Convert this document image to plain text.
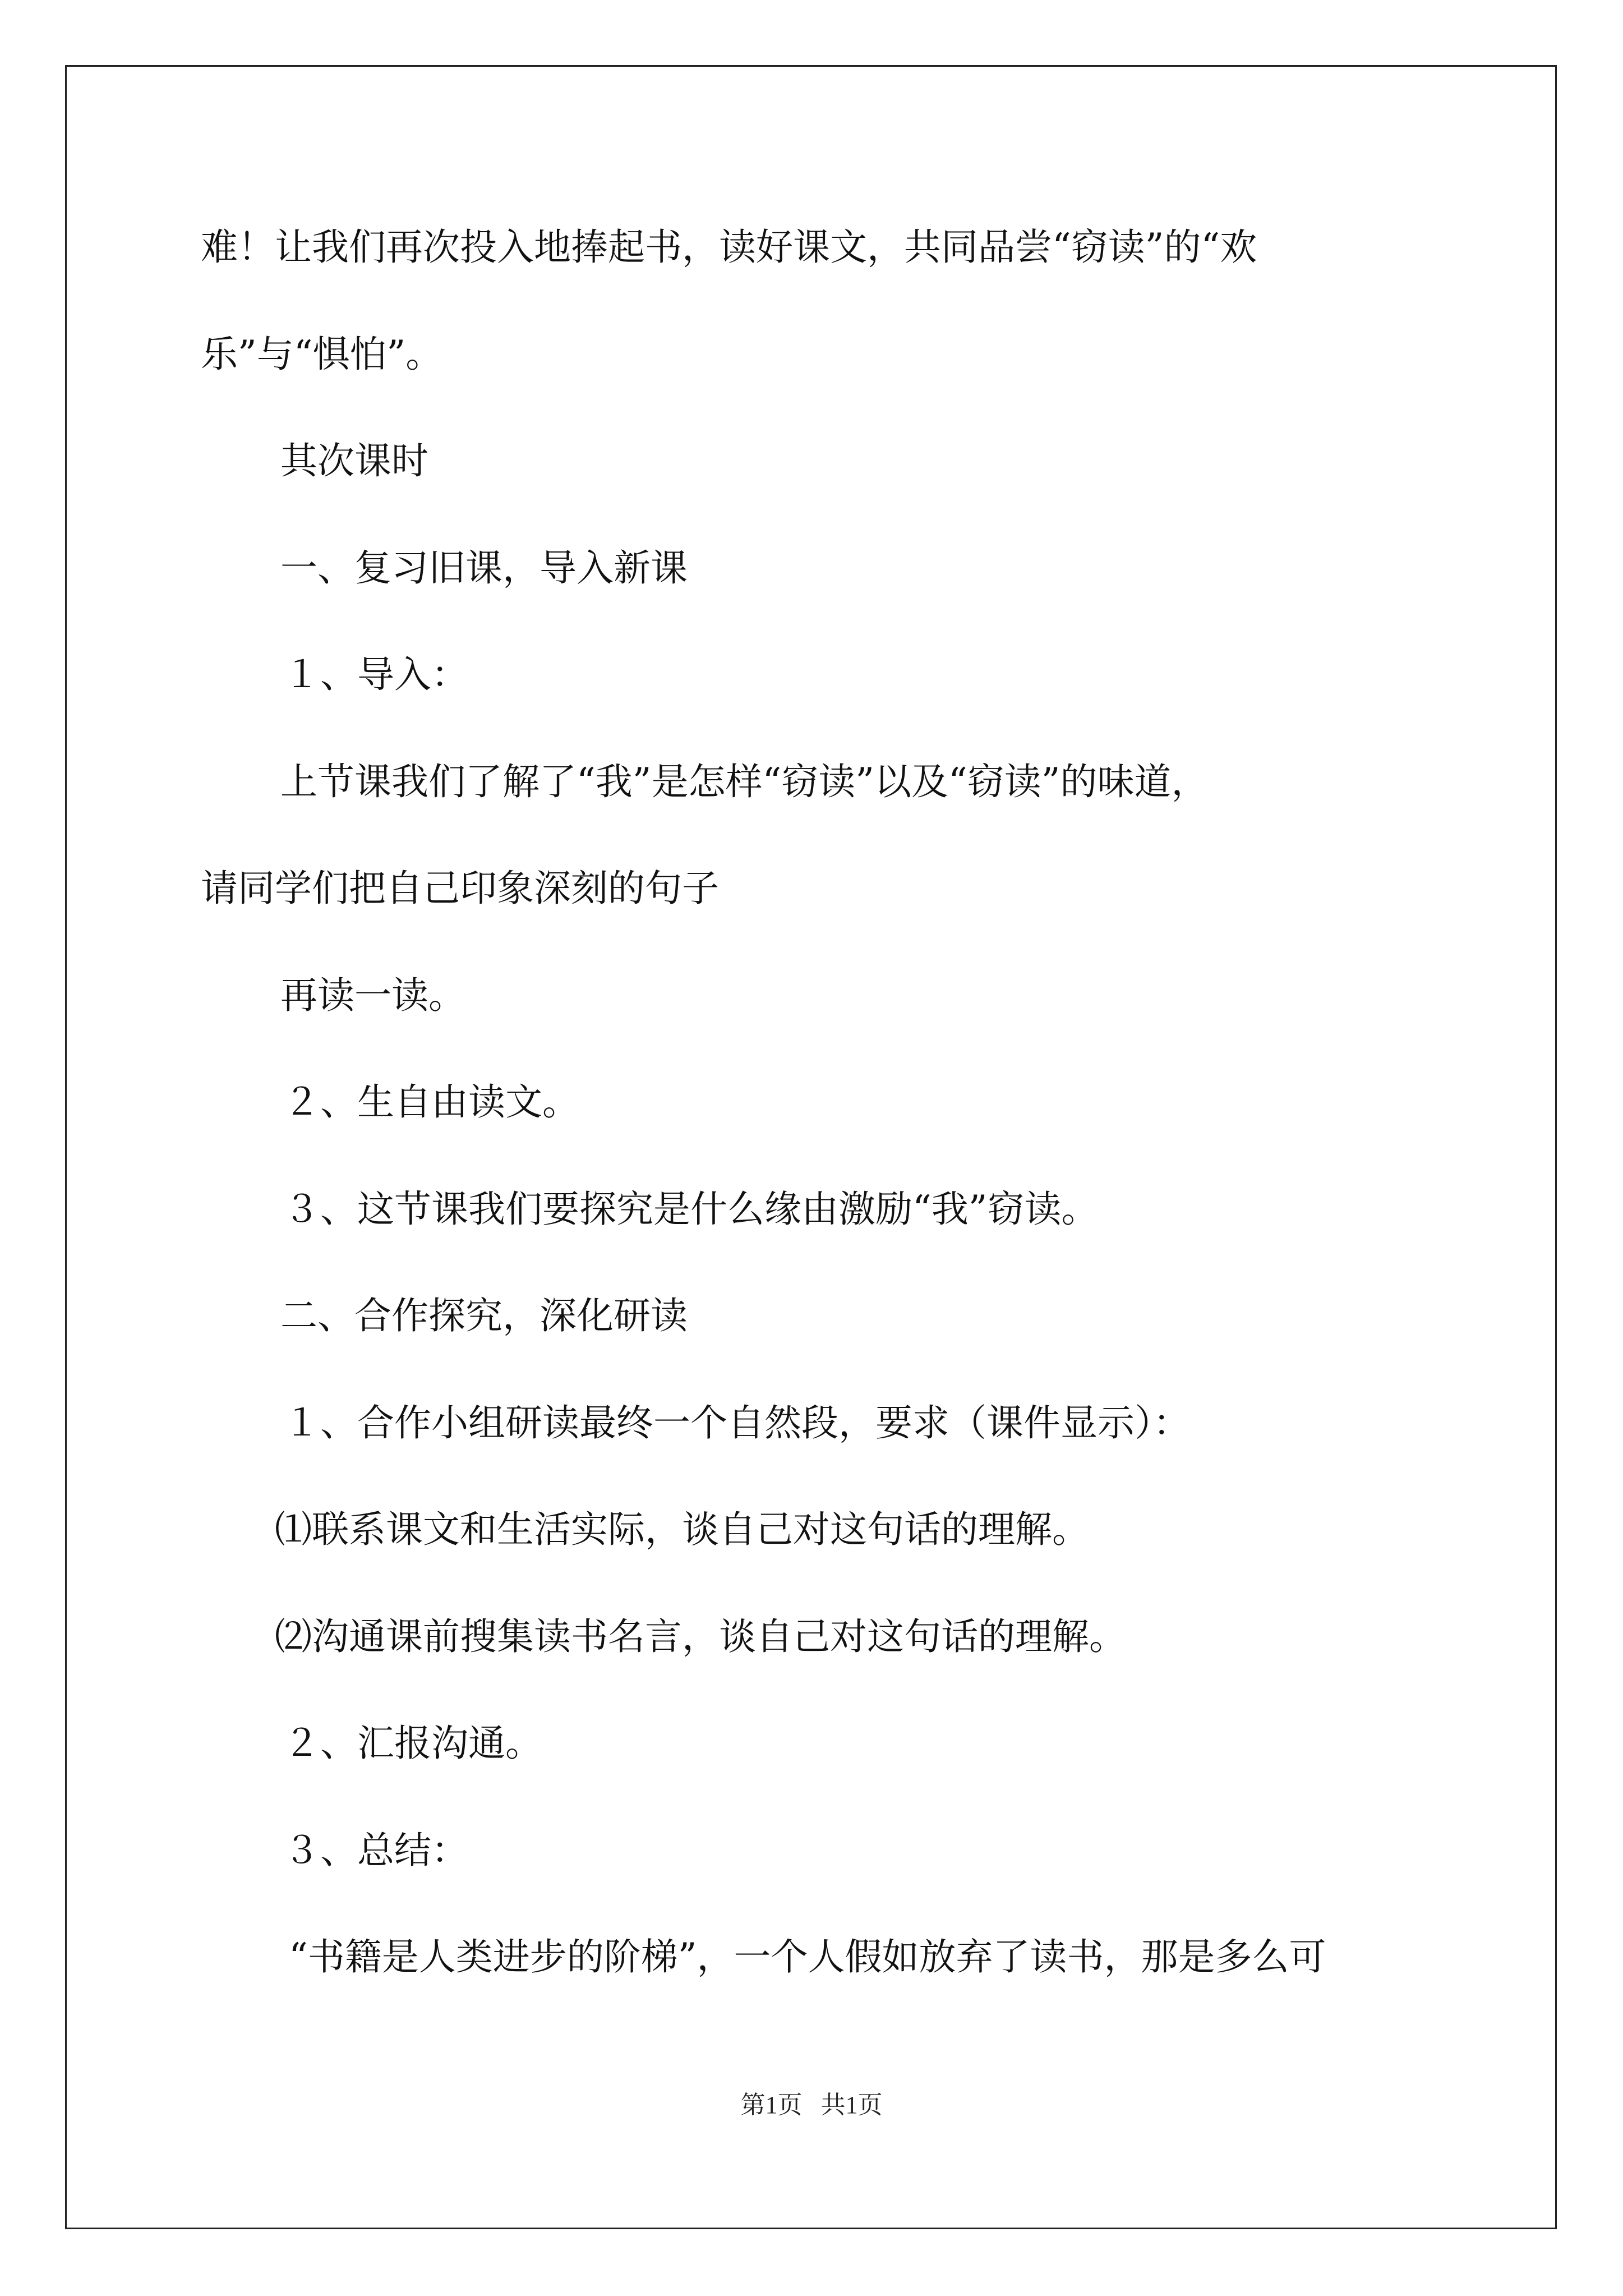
难！让我们再次投入地捧起书，读好课文，共同品尝“窃读”的“欢

乐”与“惧怕”。

其次课时

一、复习旧课，导入新课

１、导入：

上节课我们了解了“我”是怎样“窃读”以及“窃读”的味道，

请同学们把自己印象深刻的句子

再读一读。

２、生自由读文。

３、这节课我们要探究是什么缘由激励“我”窃读。

二、合作探究，深化研读

１、合作小组研读最终一个自然段，要求（课件显示）：

⑴联系课文和生活实际，谈自己对这句话的理解。

⑵沟通课前搜集读书名言，谈自己对这句话的理解。

２、汇报沟通。

３、总结：

“书籍是人类进步的阶梯”，一个人假如放弃了读书，那是多么可

第1页 共1页
